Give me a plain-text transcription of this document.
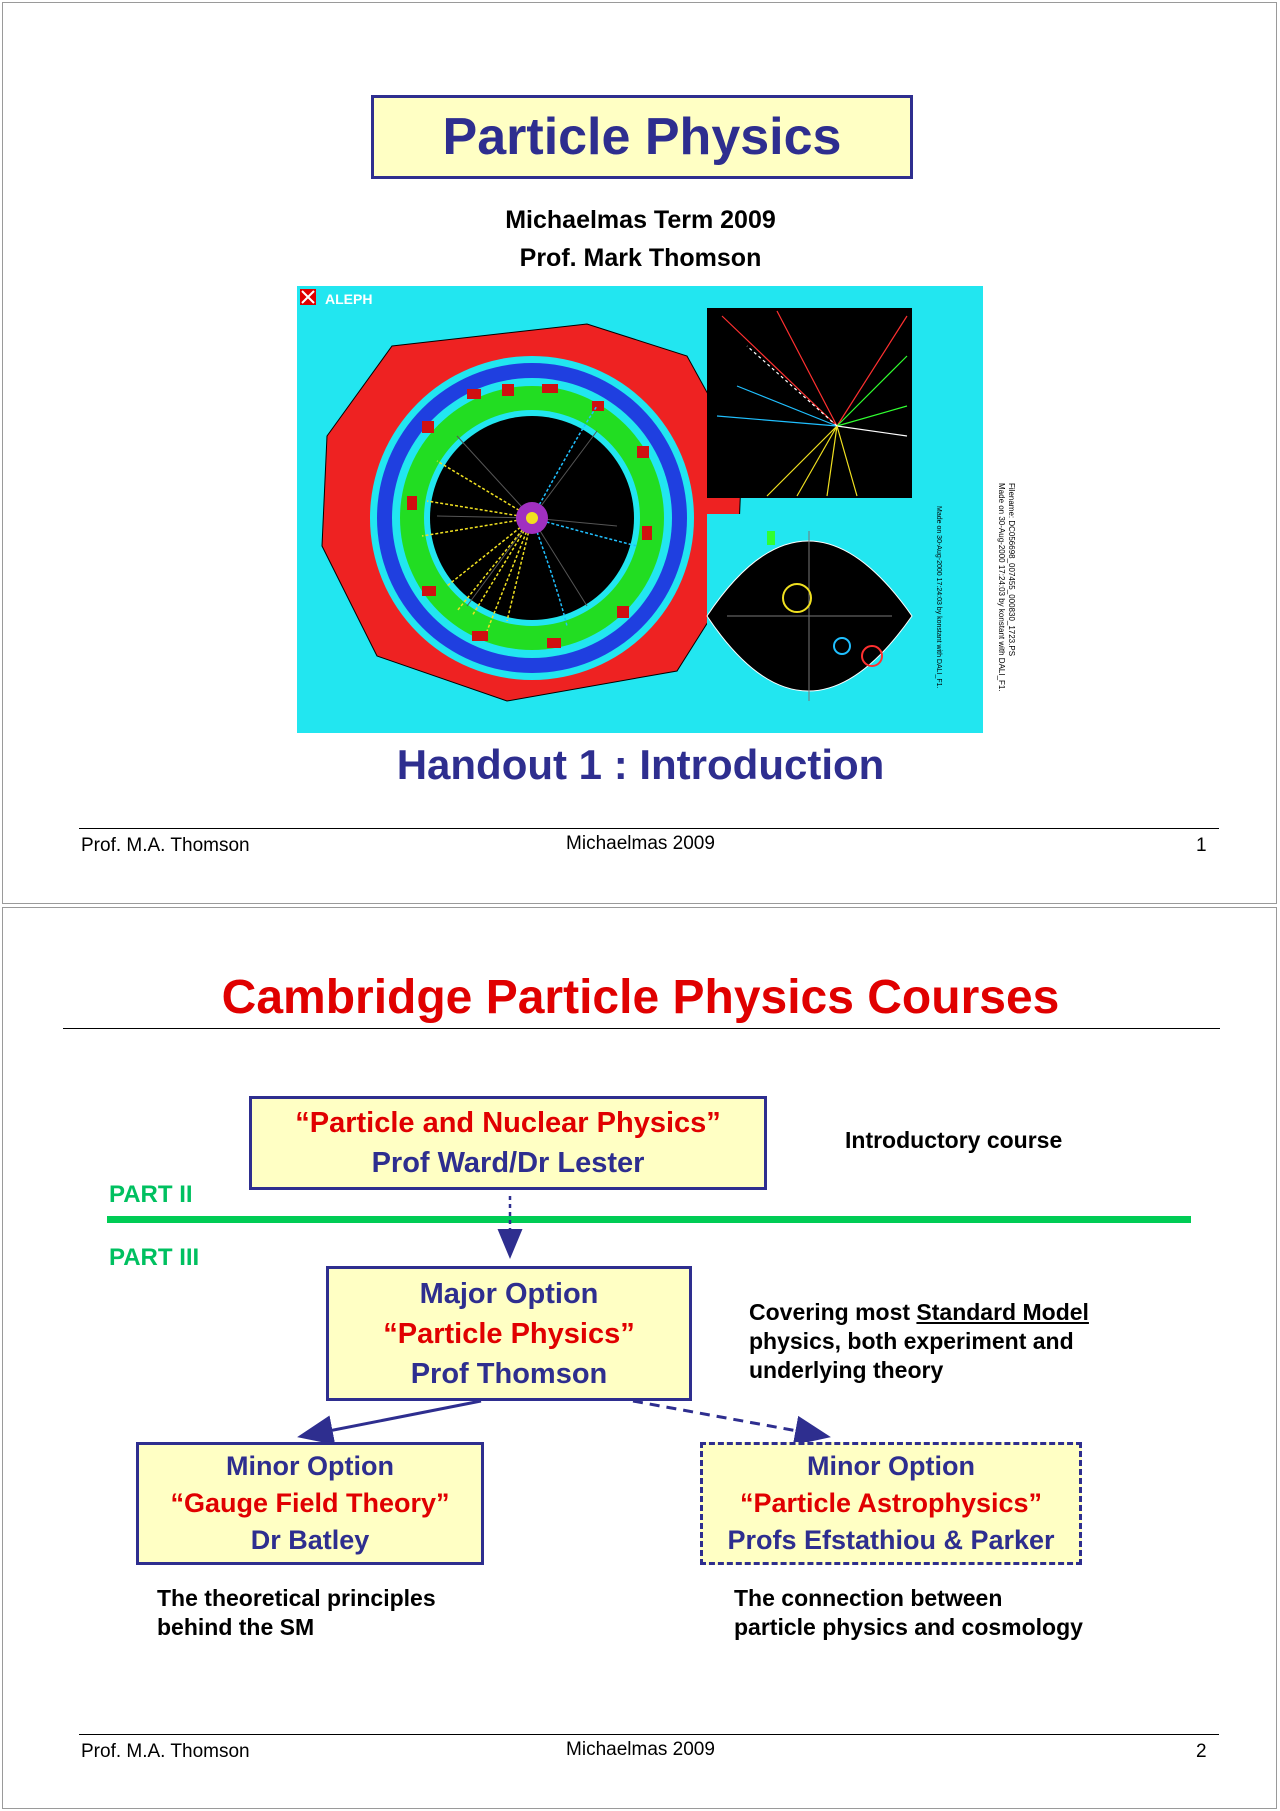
Particle Physics
Michaelmas Term 2009
Prof. Mark Thomson
ALEPH
Made on 30-Aug-2000 17:24:03 by konstant with DALI_F1.	Made on 30-Aug-2000 17:24:03 by konstant with DALI_F1. Filename: DC056698_007455_000830_1723.PS
Handout 1 : Introduction
Prof. M.A. Thomson	Michaelmas 2009	1
Cambridge Particle Physics Courses
“Particle and Nuclear Physics”
Prof Ward/Dr Lester
Introductory course
PART II
PART III
Major Option
“Particle Physics”
Prof Thomson
Covering most Standard Model
physics, both experiment and
underlying theory
Minor Option
“Gauge Field Theory”
Dr Batley
Minor Option
“Particle Astrophysics”
Profs Efstathiou & Parker
The theoretical principles
behind the SM
The connection between
particle physics and cosmology
Prof. M.A. Thomson	Michaelmas 2009	2
